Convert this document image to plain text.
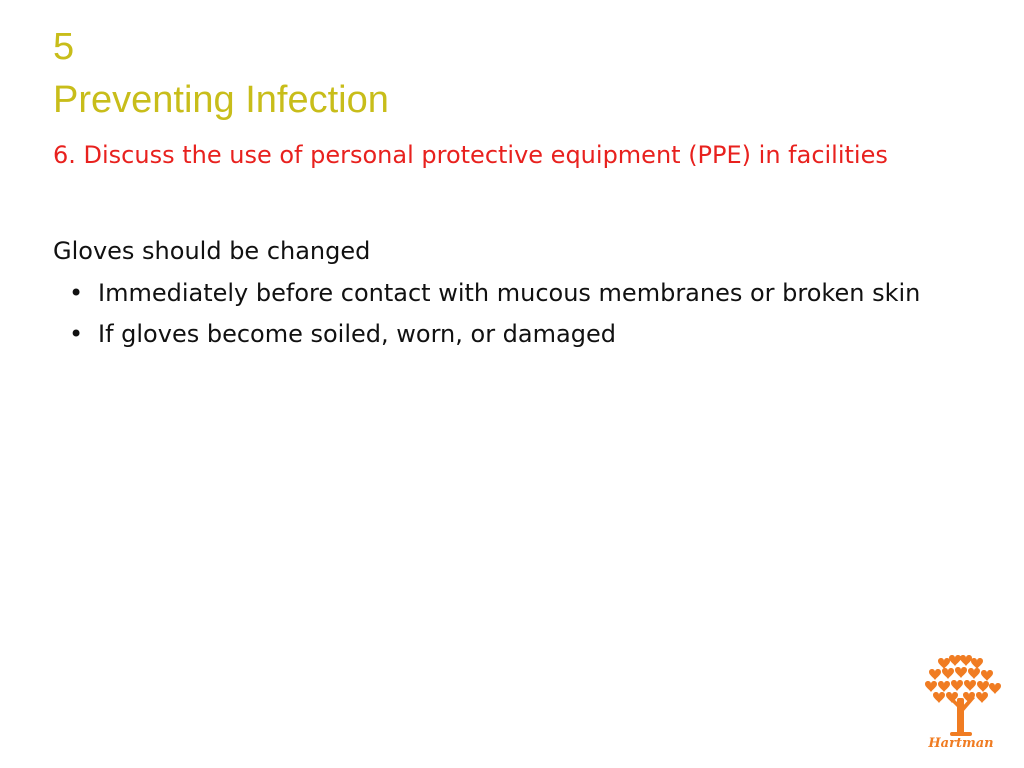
5
Preventing Infection
6. Discuss the use of personal protective equipment (PPE) in facilities
Gloves should be changed
• Immediately before contact with mucous membranes or broken skin
• If gloves become soiled, worn, or damaged
Hartman
